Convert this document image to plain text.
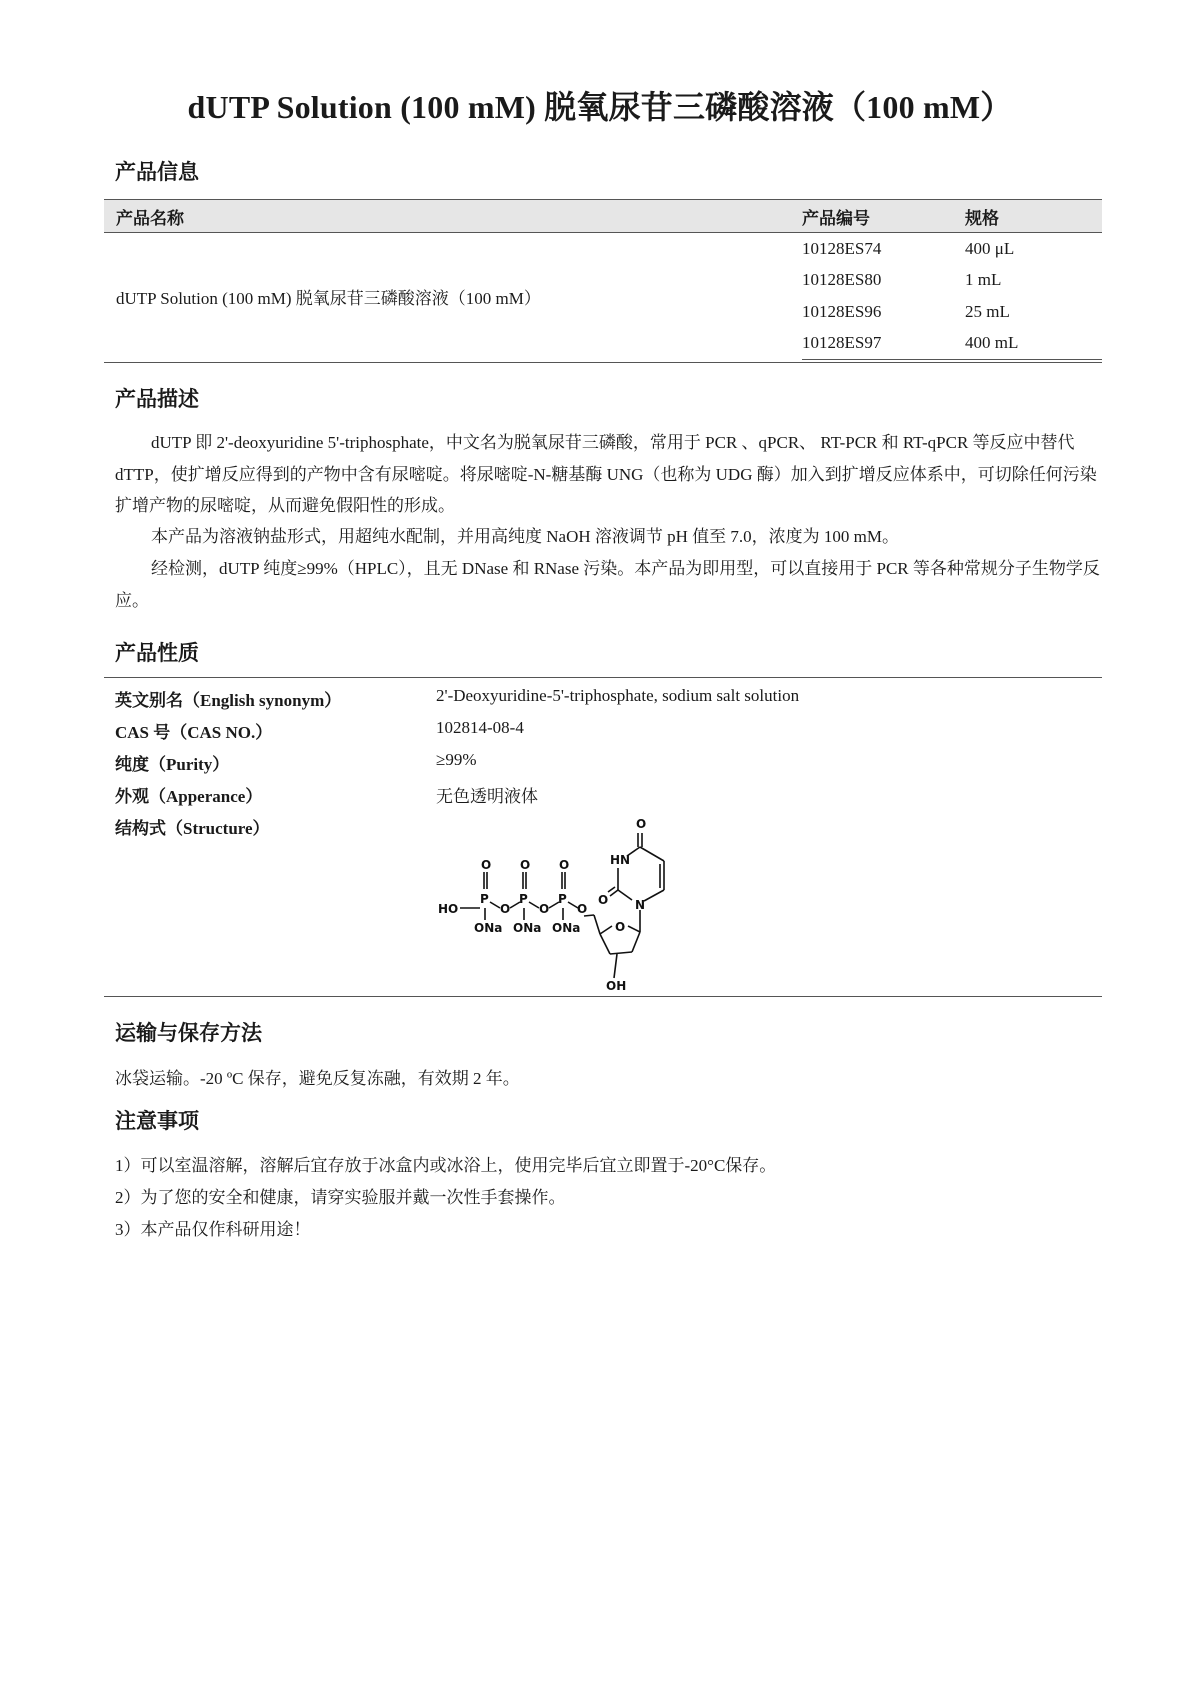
dUTP Solution (100 mM) 脱氧尿苷三磷酸溶液（100 mM）
产品信息
产品名称	产品编号	规格
dUTP Solution (100 mM) 脱氧尿苷三磷酸溶液（100 mM）	10128ES74	400 μL
	10128ES80	1 mL
	10128ES96	25 mL
	10128ES97	400 mL
产品描述
dUTP 即 2'-deoxyuridine 5'-triphosphate，中文名为脱氧尿苷三磷酸，常用于 PCR 、qPCR、 RT-PCR 和 RT-qPCR 等反应中替代 dTTP，使扩增反应得到的产物中含有尿嘧啶。将尿嘧啶-N-糖基酶 UNG（也称为 UDG 酶）加入到扩增反应体系中，可切除任何污染扩增产物的尿嘧啶，从而避免假阳性的形成。
本产品为溶液钠盐形式，用超纯水配制，并用高纯度 NaOH 溶液调节 pH 值至 7.0，浓度为 100 mM。
经检测，dUTP 纯度≥99%（HPLC），且无 DNase 和 RNase 污染。本产品为即用型，可以直接用于 PCR 等各种常规分子生物学反应。
产品性质
英文别名（English synonym）	2'-Deoxyuridine-5'-triphosphate, sodium salt solution
CAS 号（CAS NO.）	102814-08-4
纯度（Purity）	≥99%
外观（Apperance）	无色透明液体
结构式（Structure）	O
HN
O N
O
O
OH
HO
O
P
ONa
O
O
P
ONa
O
O
P
ONa
运输与保存方法
冰袋运输。-20 ºC 保存，避免反复冻融，有效期 2 年。
注意事项
1）可以室温溶解，溶解后宜存放于冰盒内或冰浴上，使用完毕后宜立即置于-20°C保存。
2）为了您的安全和健康，请穿实验服并戴一次性手套操作。
3）本产品仅作科研用途！
